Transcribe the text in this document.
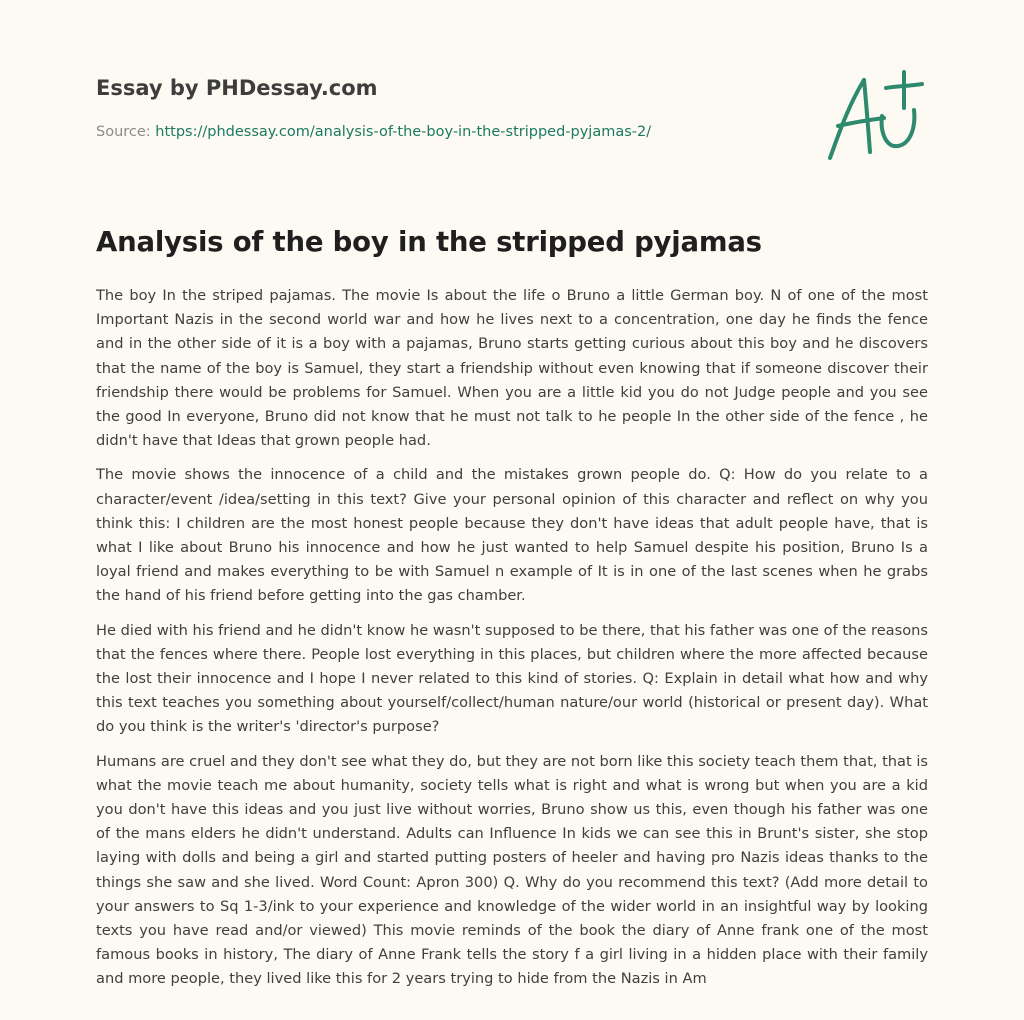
Essay by PHDessay.com

Source: https://phdessay.com/analysis-of-the-boy-in-the-stripped-pyjamas-2/

Analysis of the boy in the stripped pyjamas

The boy In the striped pajamas. The movie Is about the life o Bruno a little German boy. N of one of the most Important Nazis in the second world war and how he lives next to a concentration, one day he finds the fence and in the other side of it is a boy with a pajamas, Bruno starts getting curious about this boy and he discovers that the name of the boy is Samuel, they start a friendship without even knowing that if someone discover their friendship there would be problems for Samuel. When you are a little kid you do not Judge people and you see the good In everyone, Bruno did not know that he must not talk to he people In the other side of the fence , he didn't have that Ideas that grown people had.

The movie shows the innocence of a child and the mistakes grown people do. Q: How do you relate to a character/event /idea/setting in this text? Give your personal opinion of this character and reflect on why you think this: I children are the most honest people because they don't have ideas that adult people have, that is what I like about Bruno his innocence and how he just wanted to help Samuel despite his position, Bruno Is a loyal friend and makes everything to be with Samuel n example of It is in one of the last scenes when he grabs the hand of his friend before getting into the gas chamber.

He died with his friend and he didn't know he wasn't supposed to be there, that his father was one of the reasons that the fences where there. People lost everything in this places, but children where the more affected because the lost their innocence and I hope I never related to this kind of stories. Q: Explain in detail what how and why this text teaches you something about yourself/collect/human nature/our world (historical or present day). What do you think is the writer's 'director's purpose?

Humans are cruel and they don't see what they do, but they are not born like this society teach them that, that is what the movie teach me about humanity, society tells what is right and what is wrong but when you are a kid you don't have this ideas and you just live without worries, Bruno show us this, even though his father was one of the mans elders he didn't understand. Adults can Influence In kids we can see this in Brunt's sister, she stop laying with dolls and being a girl and started putting posters of heeler and having pro Nazis ideas thanks to the things she saw and she lived. Word Count: Apron 300) Q. Why do you recommend this text? (Add more detail to your answers to Sq 1-3/ink to your experience and knowledge of the wider world in an insightful way by looking texts you have read and/or viewed) This movie reminds of the book the diary of Anne frank one of the most famous books in history, The diary of Anne Frank tells the story f a girl living in a hidden place with their family and more people, they lived like this for 2 years trying to hide from the Nazis in Am
